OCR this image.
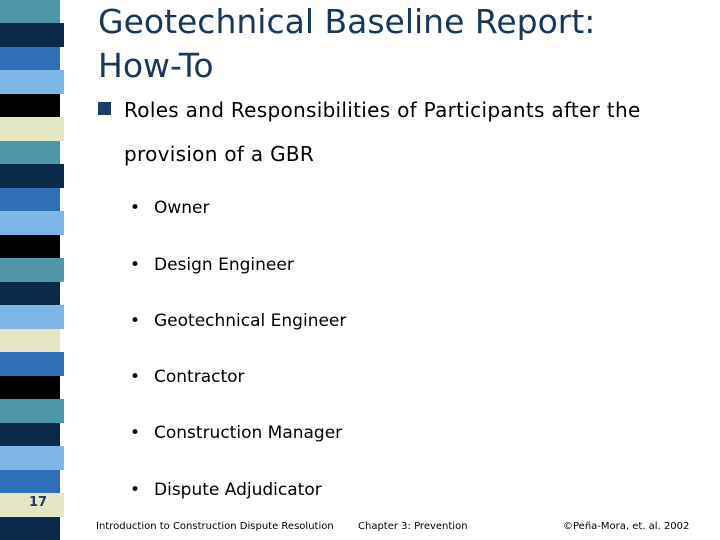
Geotechnical Baseline Report:
How-To
Roles and Responsibilities of Participants after the provision of a GBR
• Owner
• Design Engineer
• Geotechnical Engineer
• Contractor
• Construction Manager
• Dispute Adjudicator
17
Introduction to Construction Dispute Resolution Chapter 3: Prevention	©Peña-Mora, et. al. 2002
